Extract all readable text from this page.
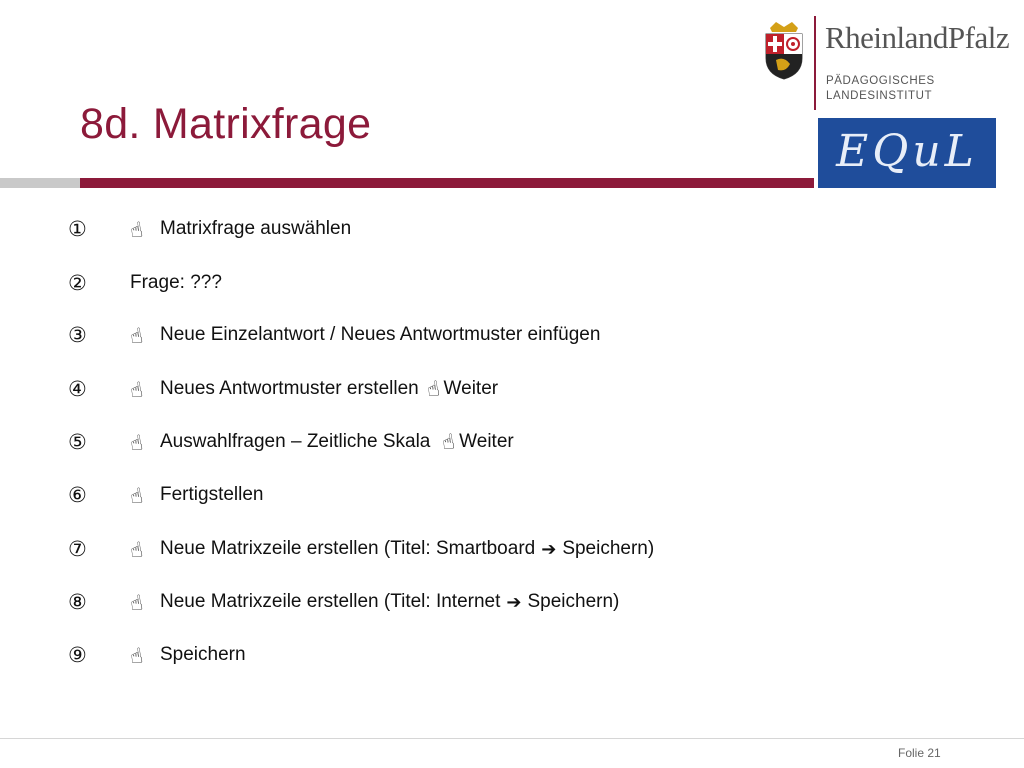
RheinlandPfalz
PÄDAGOGISCHES
LANDESINSTITUT
EQuL
8d. Matrixfrage
①	☝ Matrixfrage auswählen
②	Frage: ???
③	☝ Neue Einzelantwort / Neues Antwortmuster einfügen
④	☝ Neues Antwortmuster erstellen ☝ Weiter
⑤	☝ Auswahlfragen – Zeitliche Skala ☝ Weiter
⑥	☝ Fertigstellen
⑦	☝ Neue Matrixzeile erstellen (Titel: Smartboard ➔ Speichern)
⑧	☝ Neue Matrixzeile erstellen (Titel: Internet ➔ Speichern)
⑨	☝ Speichern
Folie 21
